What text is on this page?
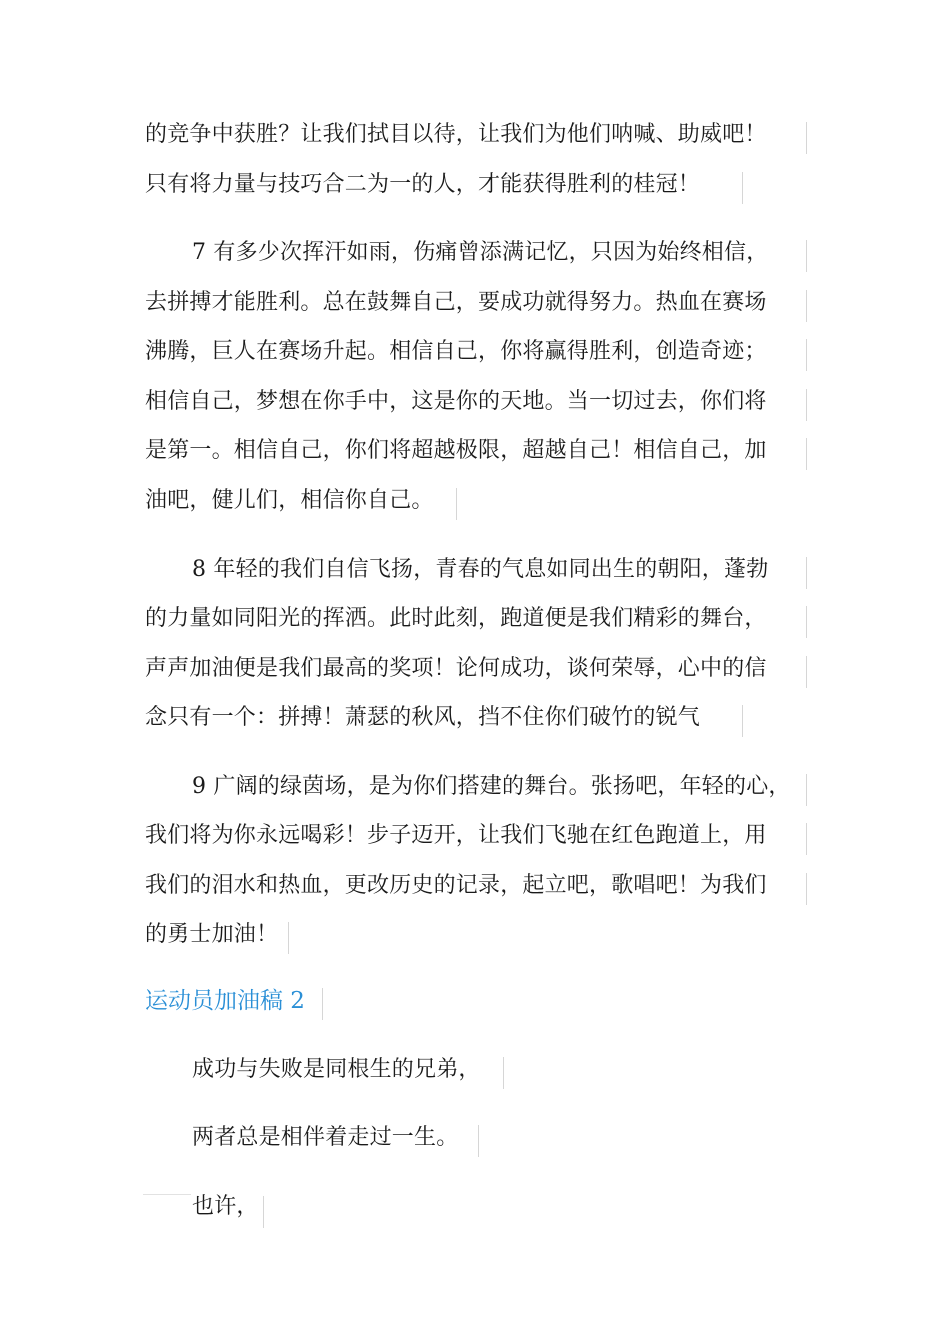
的竞争中获胜？让我们拭目以待，让我们为他们呐喊、助威吧！
只有将力量与技巧合二为一的人，才能获得胜利的桂冠！
7 有多少次挥汗如雨，伤痛曾添满记忆，只因为始终相信，
去拼搏才能胜利。总在鼓舞自己，要成功就得努力。热血在赛场
沸腾，巨人在赛场升起。相信自己，你将赢得胜利，创造奇迹；
相信自己，梦想在你手中，这是你的天地。当一切过去，你们将
是第一。相信自己，你们将超越极限，超越自己！相信自己，加
油吧，健儿们，相信你自己。
8 年轻的我们自信飞扬，青春的气息如同出生的朝阳，蓬勃
的力量如同阳光的挥洒。此时此刻，跑道便是我们精彩的舞台，
声声加油便是我们最高的奖项！论何成功，谈何荣辱，心中的信
念只有一个：拼搏！萧瑟的秋风，挡不住你们破竹的锐气
9 广阔的绿茵场，是为你们搭建的舞台。张扬吧，年轻的心，
我们将为你永远喝彩！步子迈开，让我们飞驰在红色跑道上，用
我们的泪水和热血，更改历史的记录，起立吧，歌唱吧！为我们
的勇士加油！
运动员加油稿 2
成功与失败是同根生的兄弟，
两者总是相伴着走过一生。
也许，
